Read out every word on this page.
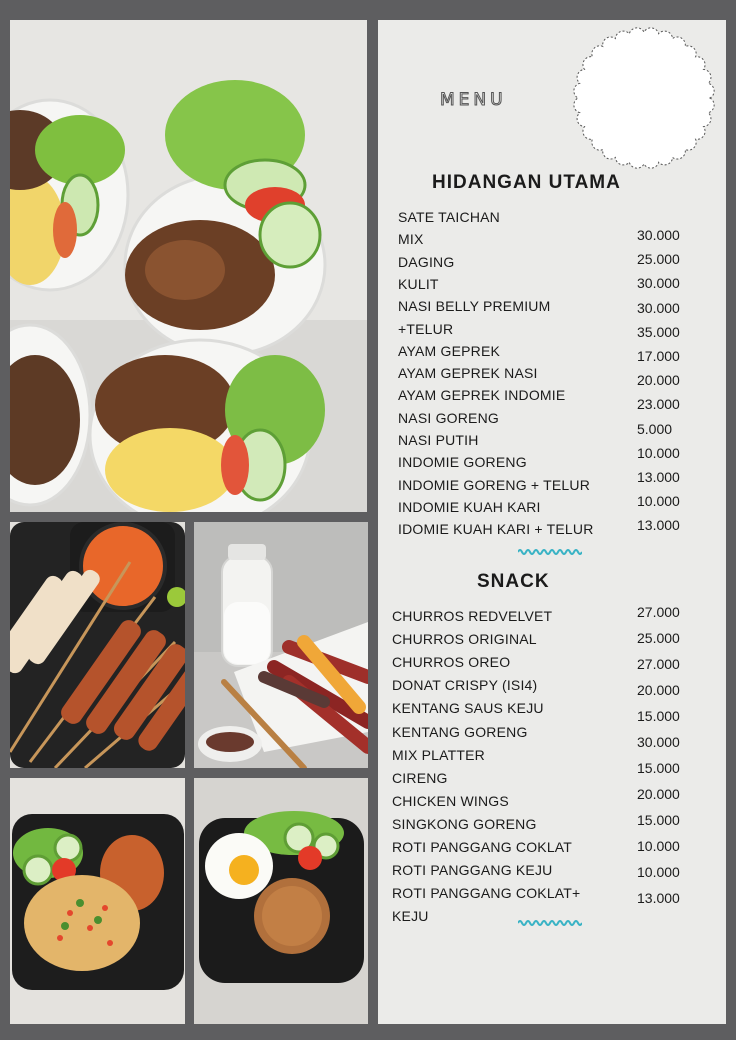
MENU
HIDANGAN UTAMA
SATE TAICHAN
MIX
DAGING
KULIT
NASI BELLY PREMIUM
+TELUR
AYAM GEPREK
AYAM GEPREK NASI
AYAM GEPREK INDOMIE
NASI GORENG
NASI PUTIH
INDOMIE GORENG
INDOMIE GORENG + TELUR
INDOMIE KUAH KARI
IDOMIE KUAH KARI + TELUR
30.000
25.000
30.000
30.000
35.000
17.000
20.000
23.000
5.000
10.000
13.000
10.000
13.000
SNACK
CHURROS REDVELVET
CHURROS ORIGINAL
CHURROS OREO
DONAT CRISPY (ISI4)
KENTANG SAUS KEJU
KENTANG GORENG
MIX PLATTER
CIRENG
CHICKEN WINGS
SINGKONG GORENG
ROTI PANGGANG COKLAT
ROTI PANGGANG KEJU
ROTI PANGGANG COKLAT+
KEJU
27.000
25.000
27.000
20.000
15.000
30.000
15.000
20.000
15.000
10.000
10.000
13.000
